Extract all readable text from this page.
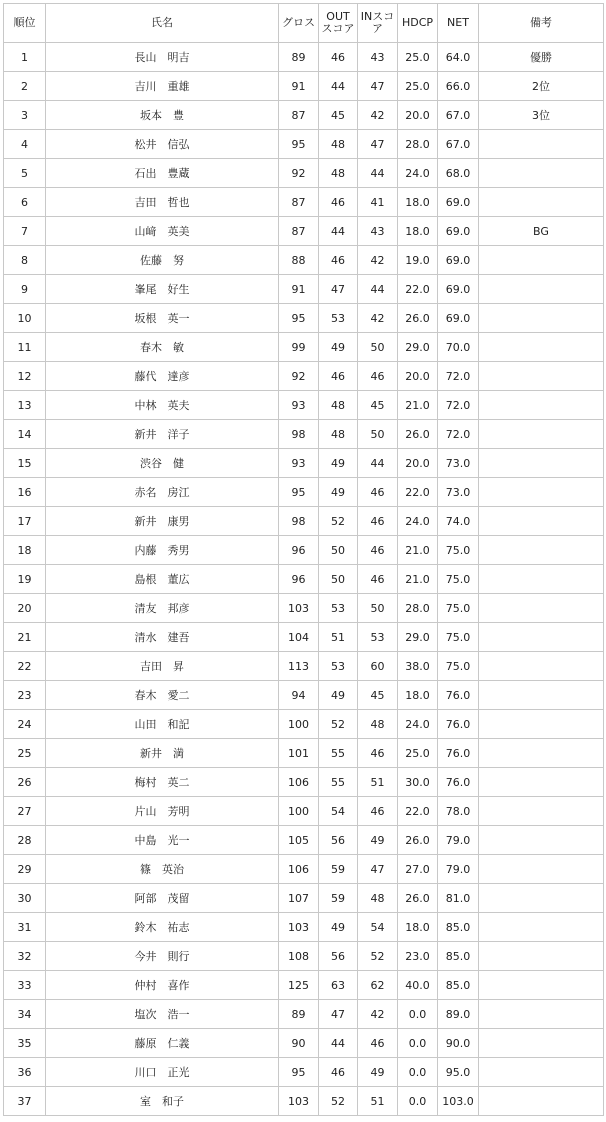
順位	氏名	グロス	OUTスコア	INスコア	HDCP	NET	備考
1	長山　明吉	89	46	43	25.0	64.0	優勝
2	吉川　重雄	91	44	47	25.0	66.0	2位
3	坂本　豊	87	45	42	20.0	67.0	3位
4	松井　信弘	95	48	47	28.0	67.0	
5	石出　豊蔵	92	48	44	24.0	68.0	
6	吉田　哲也	87	46	41	18.0	69.0	
7	山﨑　英美	87	44	43	18.0	69.0	BG
8	佐藤　努	88	46	42	19.0	69.0	
9	峯尾　好生	91	47	44	22.0	69.0	
10	坂根　英一	95	53	42	26.0	69.0	
11	春木　敏	99	49	50	29.0	70.0	
12	藤代　達彦	92	46	46	20.0	72.0	
13	中林　英夫	93	48	45	21.0	72.0	
14	新井　洋子	98	48	50	26.0	72.0	
15	渋谷　健	93	49	44	20.0	73.0	
16	赤名　房江	95	49	46	22.0	73.0	
17	新井　康男	98	52	46	24.0	74.0	
18	内藤　秀男	96	50	46	21.0	75.0	
19	島根　董広	96	50	46	21.0	75.0	
20	清友　邦彦	103	53	50	28.0	75.0	
21	清水　建吾	104	51	53	29.0	75.0	
22	吉田　昇	113	53	60	38.0	75.0	
23	春木　愛二	94	49	45	18.0	76.0	
24	山田　和記	100	52	48	24.0	76.0	
25	新井　満	101	55	46	25.0	76.0	
26	梅村　英二	106	55	51	30.0	76.0	
27	片山　芳明	100	54	46	22.0	78.0	
28	中島　光一	105	56	49	26.0	79.0	
29	篠　英治	106	59	47	27.0	79.0	
30	阿部　茂留	107	59	48	26.0	81.0	
31	鈴木　祐志	103	49	54	18.0	85.0	
32	今井　則行	108	56	52	23.0	85.0	
33	仲村　喜作	125	63	62	40.0	85.0	
34	塩次　浩一	89	47	42	0.0	89.0	
35	藤原　仁義	90	44	46	0.0	90.0	
36	川口　正光	95	46	49	0.0	95.0	
37	室　和子	103	52	51	0.0	103.0	
